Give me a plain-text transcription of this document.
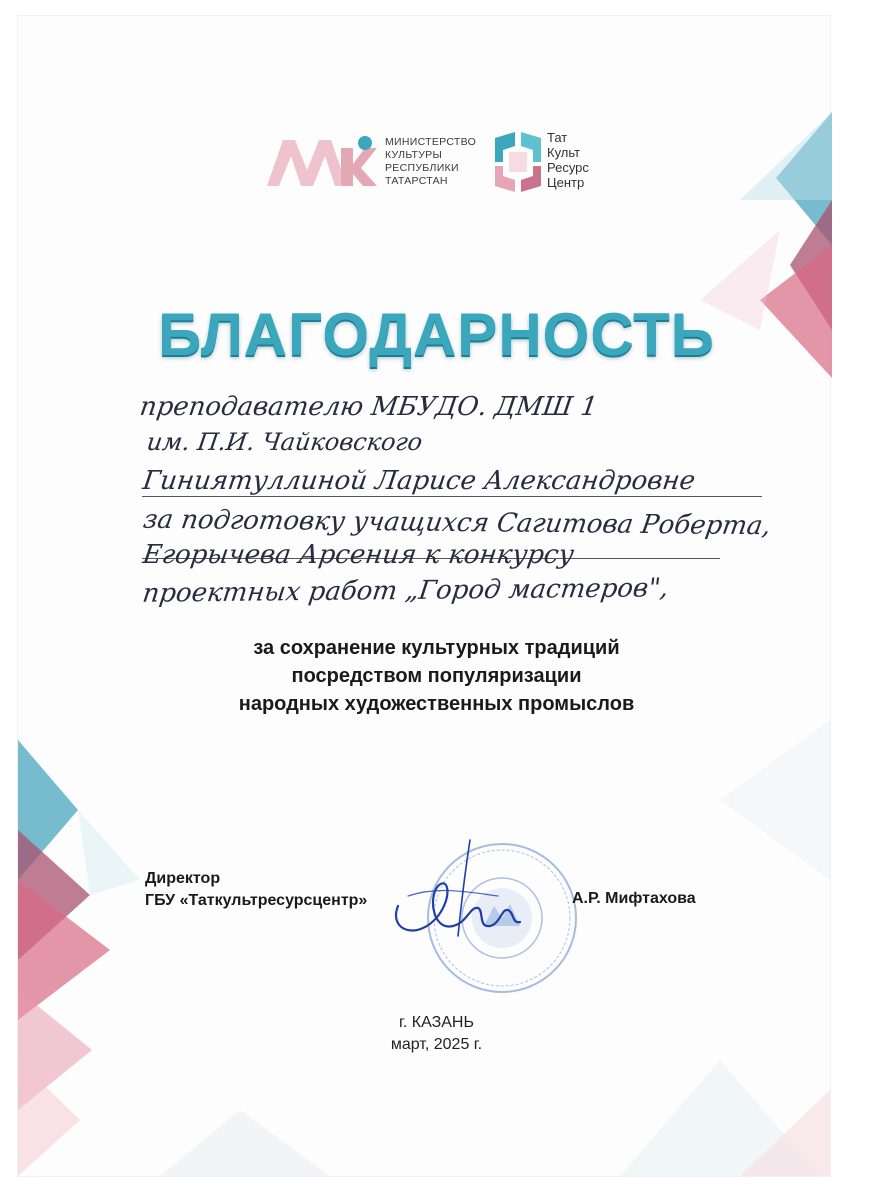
МИНИСТЕРСТВО
КУЛЬТУРЫ
РЕСПУБЛИКИ
ТАТАРСТАН
Тат
Культ
Ресурс
Центр
БЛАГОДАРНОСТЬ
преподавателю МБУДО. ДМШ 1
им. П.И. Чайковского
Гиниятуллиной Ларисе Александровне
за подготовку учащихся Сагитова Роберта,
Егорычева Арсения к конкурсу
проектных работ „Город мастеров",
за сохранение культурных традиций
посредством популяризации
народных художественных промыслов
Директор
ГБУ «Таткультресурсцентр»	А.Р. Мифтахова
г. КАЗАНЬ
март, 2025 г.
